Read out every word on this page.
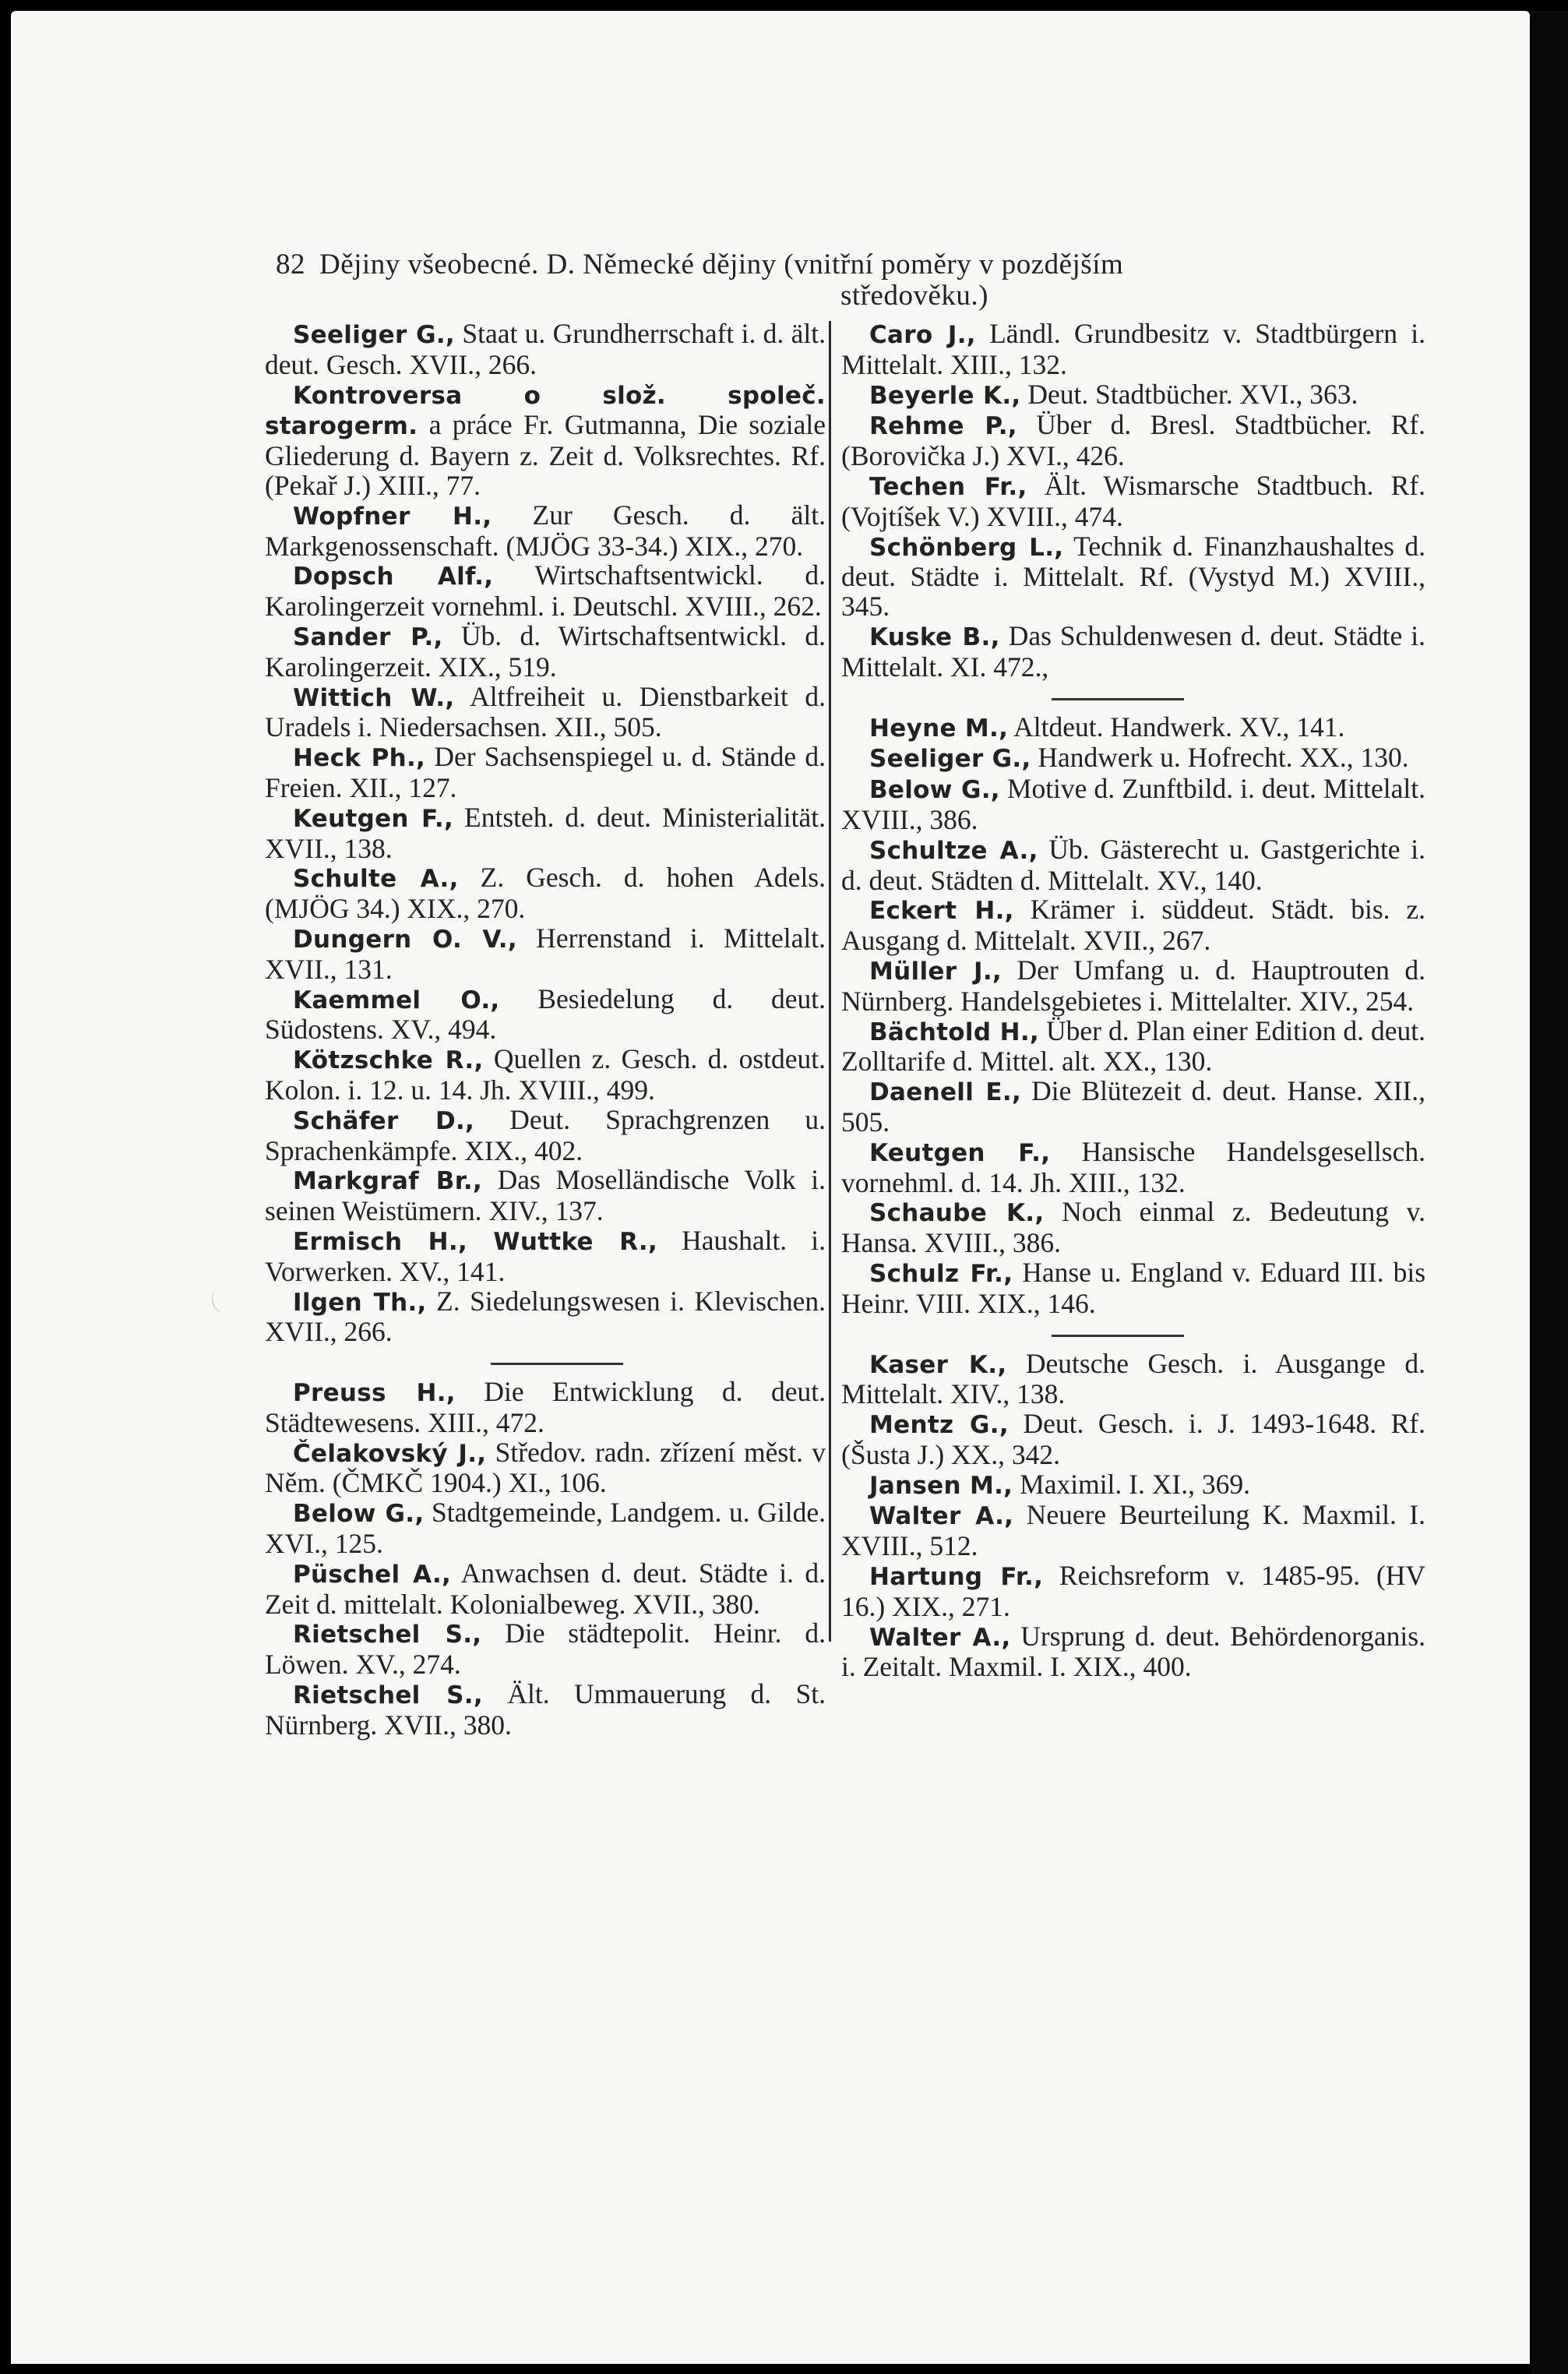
82 Dějiny všeobecné. D. Německé dějiny (vnitřní poměry v pozdějším
středověku.)

Seeliger G., Staat u. Grundherrschaft i. d. ält. deut. Gesch. XVII., 266.

Kontroversa o slož. společ. starogerm. a práce Fr. Gutmanna, Die soziale Gliederung d. Bayern z. Zeit d. Volksrechtes. Rf. (Pekař J.) XIII., 77.

Wopfner H., Zur Gesch. d. ält. Markgenossenschaft. (MJÖG 33-34.) XIX., 270.

Dopsch Alf., Wirtschaftsentwickl. d. Karolingerzeit vornehml. i. Deutschl. XVIII., 262.

Sander P., Üb. d. Wirtschaftsentwickl. d. Karolingerzeit. XIX., 519.

Wittich W., Altfreiheit u. Dienstbarkeit d. Uradels i. Niedersachsen. XII., 505.

Heck Ph., Der Sachsenspiegel u. d. Stände d. Freien. XII., 127.

Keutgen F., Entsteh. d. deut. Ministerialität. XVII., 138.

Schulte A., Z. Gesch. d. hohen Adels. (MJÖG 34.) XIX., 270.

Dungern O. V., Herrenstand i. Mittelalt. XVII., 131.

Kaemmel O., Besiedelung d. deut. Südostens. XV., 494.

Kötzschke R., Quellen z. Gesch. d. ostdeut. Kolon. i. 12. u. 14. Jh. XVIII., 499.

Schäfer D., Deut. Sprachgrenzen u. Sprachenkämpfe. XIX., 402.

Markgraf Br., Das Mosellӓndische Volk i. seinen Weistümern. XIV., 137.

Ermisch H., Wuttke R., Haushalt. i. Vorwerken. XV., 141.

Ilgen Th., Z. Siedelungswesen i. Klevischen. XVII., 266.

Preuss H., Die Entwicklung d. deut. Städtewesens. XIII., 472.

Čelakovský J., Středov. radn. zřízení měst. v Něm. (ČMKČ 1904.) XI., 106.

Below G., Stadtgemeinde, Landgem. u. Gilde. XVI., 125.

Püschel A., Anwachsen d. deut. Städte i. d. Zeit d. mittelalt. Kolonialbeweg. XVII., 380.

Rietschel S., Die städtepolit. Heinr. d. Löwen. XV., 274.

Rietschel S., Ält. Ummauerung d. St. Nürnberg. XVII., 380.

Caro J., Ländl. Grundbesitz v. Stadtbürgern i. Mittelalt. XIII., 132.

Beyerle K., Deut. Stadtbücher. XVI., 363.

Rehme P., Über d. Bresl. Stadtbücher. Rf. (Borovička J.) XVI., 426.

Techen Fr., Ält. Wismarsche Stadtbuch. Rf. (Vojtíšek V.) XVIII., 474.

Schönberg L., Technik d. Finanzhaushaltes d. deut. Städte i. Mittelalt. Rf. (Vystyd M.) XVIII., 345.

Kuske B., Das Schuldenwesen d. deut. Städte i. Mittelalt. XI. 472.,

Heyne M., Altdeut. Handwerk. XV., 141.

Seeliger G., Handwerk u. Hofrecht. XX., 130.

Below G., Motive d. Zunftbild. i. deut. Mittelalt. XVIII., 386.

Schultze A., Üb. Gästerecht u. Gastgerichte i. d. deut. Städten d. Mittelalt. XV., 140.

Eckert H., Krämer i. süddeut. Städt. bis. z. Ausgang d. Mittelalt. XVII., 267.

Müller J., Der Umfang u. d. Hauptrouten d. Nürnberg. Handelsgebietes i. Mittelalter. XIV., 254.

Bächtold H., Über d. Plan einer Edition d. deut. Zolltarife d. Mittel. alt. XX., 130.

Daenell E., Die Blütezeit d. deut. Hanse. XII., 505.

Keutgen F., Hansische Handelsgesellsch. vornehml. d. 14. Jh. XIII., 132.

Schaube K., Noch einmal z. Bedeutung v. Hansa. XVIII., 386.

Schulz Fr., Hanse u. England v. Eduard III. bis Heinr. VIII. XIX., 146.

Kaser K., Deutsche Gesch. i. Ausgange d. Mittelalt. XIV., 138.

Mentz G., Deut. Gesch. i. J. 1493-1648. Rf. (Šusta J.) XX., 342.

Jansen M., Maximil. I. XI., 369.

Walter A., Neuere Beurteilung K. Maxmil. I. XVIII., 512.

Hartung Fr., Reichsreform v. 1485-95. (HV 16.) XIX., 271.

Walter A., Ursprung d. deut. Behördenorganis. i. Zeitalt. Maxmil. I. XIX., 400.
